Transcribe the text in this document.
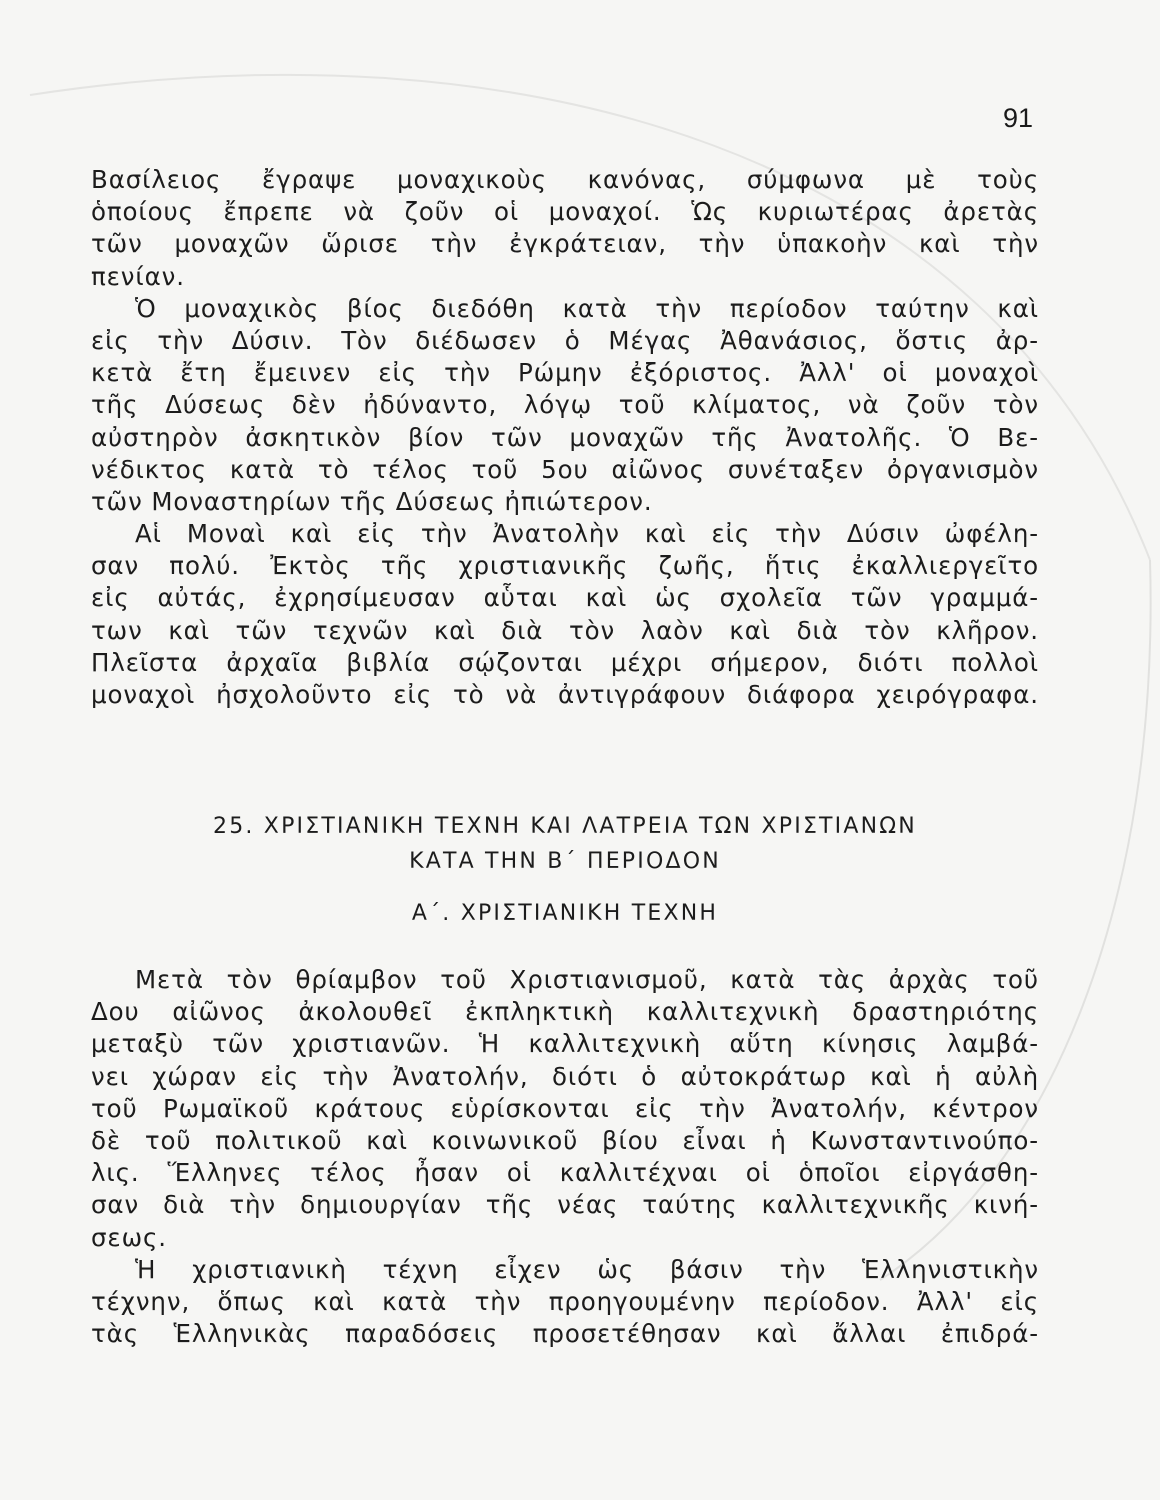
91
Βασίλειος ἔγραψε μοναχικοὺς κανόνας, σύμφωνα μὲ τοὺς
ὁποίους ἔπρεπε νὰ ζοῦν οἱ μοναχοί. Ὡς κυριωτέρας ἀρετὰς
τῶν μοναχῶν ὥρισε τὴν ἐγκράτειαν, τὴν ὑπακοὴν καὶ τὴν
πενίαν.
Ὁ μοναχικὸς βίος διεδόθη κατὰ τὴν περίοδον ταύτην καὶ
εἰς τὴν Δύσιν. Τὸν διέδωσεν ὁ Μέγας Ἀθανάσιος, ὅστις ἀρ-
κετὰ ἔτη ἔμεινεν εἰς τὴν Ρώμην ἐξόριστος. Ἀλλ' οἱ μοναχοὶ
τῆς Δύσεως δὲν ἠδύναντο, λόγῳ τοῦ κλίματος, νὰ ζοῦν τὸν
αὐστηρὸν ἀσκητικὸν βίον τῶν μοναχῶν τῆς Ἀνατολῆς. Ὁ Βε-
νέδικτος κατὰ τὸ τέλος τοῦ 5ου αἰῶνος συνέταξεν ὀργανισμὸν
τῶν Μοναστηρίων τῆς Δύσεως ἠπιώτερον.
Αἱ Μοναὶ καὶ εἰς τὴν Ἀνατολὴν καὶ εἰς τὴν Δύσιν ὠφέλη-
σαν πολύ. Ἐκτὸς τῆς χριστιανικῆς ζωῆς, ἥτις ἐκαλλιεργεῖτο
εἰς αὐτάς, ἐχρησίμευσαν αὗται καὶ ὡς σχολεῖα τῶν γραμμά-
των καὶ τῶν τεχνῶν καὶ διὰ τὸν λαὸν καὶ διὰ τὸν κλῆρον.
Πλεῖστα ἀρχαῖα βιβλία σῴζονται μέχρι σήμερον, διότι πολλοὶ
μοναχοὶ ἠσχολοῦντο εἰς τὸ νὰ ἀντιγράφουν διάφορα χειρόγραφα.
25. ΧΡΙΣΤΙΑΝΙΚΗ ΤΕΧΝΗ ΚΑΙ ΛΑΤΡΕΙΑ ΤΩΝ ΧΡΙΣΤΙΑΝΩΝ
ΚΑΤΑ ΤΗΝ Β΄ ΠΕΡΙΟΔΟΝ
Α΄. ΧΡΙΣΤΙΑΝΙΚΗ ΤΕΧΝΗ
Μετὰ τὸν θρίαμβον τοῦ Χριστιανισμοῦ, κατὰ τὰς ἀρχὰς τοῦ
Δου αἰῶνος ἀκολουθεῖ ἐκπληκτικὴ καλλιτεχνικὴ δραστηριότης
μεταξὺ τῶν χριστιανῶν. Ἡ καλλιτεχνικὴ αὕτη κίνησις λαμβά-
νει χώραν εἰς τὴν Ἀνατολήν, διότι ὁ αὐτοκράτωρ καὶ ἡ αὐλὴ
τοῦ Ρωμαϊκοῦ κράτους εὑρίσκονται εἰς τὴν Ἀνατολήν, κέντρον
δὲ τοῦ πολιτικοῦ καὶ κοινωνικοῦ βίου εἶναι ἡ Κωνσταντινούπο-
λις. Ἕλληνες τέλος ἦσαν οἱ καλλιτέχναι οἱ ὁποῖοι εἰργάσθη-
σαν διὰ τὴν δημιουργίαν τῆς νέας ταύτης καλλιτεχνικῆς κινή-
σεως.
Ἡ χριστιανικὴ τέχνη εἶχεν ὡς βάσιν τὴν Ἑλληνιστικὴν
τέχνην, ὅπως καὶ κατὰ τὴν προηγουμένην περίοδον. Ἀλλ' εἰς
τὰς Ἑλληνικὰς παραδόσεις προσετέθησαν καὶ ἄλλαι ἐπιδρά-
